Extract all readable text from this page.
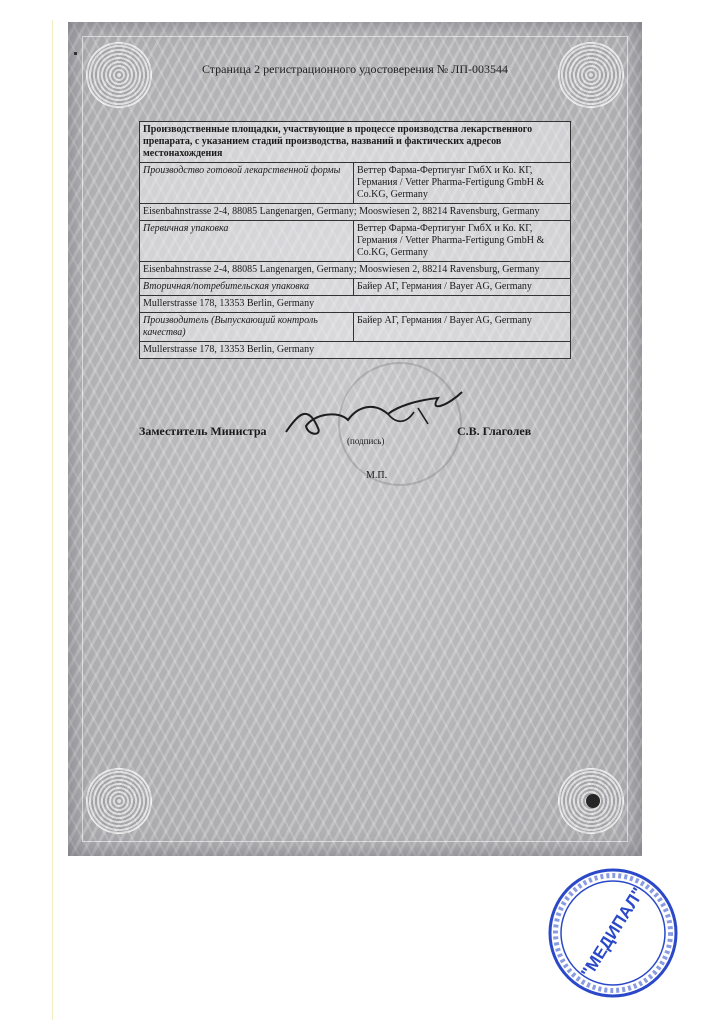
Страница 2 регистрационного удостоверения № ЛП-003544
Производственные площадки, участвующие в процессе производства лекарственного препарата, с указанием стадий производства, названий и фактических адресов местонахождения	
Производство готовой лекарственной формы	Веттер Фарма-Фертигунг ГмбХ и Ко. КГ, Германия / Vetter Pharma-Fertigung GmbH & Co.KG, Germany
Eisenbahnstrasse 2-4, 88085 Langenargen, Germany; Mooswiesen 2, 88214 Ravensburg, Germany	
Первичная упаковка	Веттер Фарма-Фертигунг ГмбХ и Ко. КГ, Германия / Vetter Pharma-Fertigung GmbH & Co.KG, Germany
Eisenbahnstrasse 2-4, 88085 Langenargen, Germany; Mooswiesen 2, 88214 Ravensburg, Germany	
Вторичная/потребительская упаковка	Байер АГ, Германия / Bayer AG, Germany
Mullerstrasse 178, 13353 Berlin, Germany	
Производитель (Выпускающий контроль качества)	Байер АГ, Германия / Bayer AG, Germany
Mullerstrasse 178, 13353 Berlin, Germany	
Заместитель Министра	С.В. Глаголев
(подпись)
М.П.
"МЕДИПАЛ"
